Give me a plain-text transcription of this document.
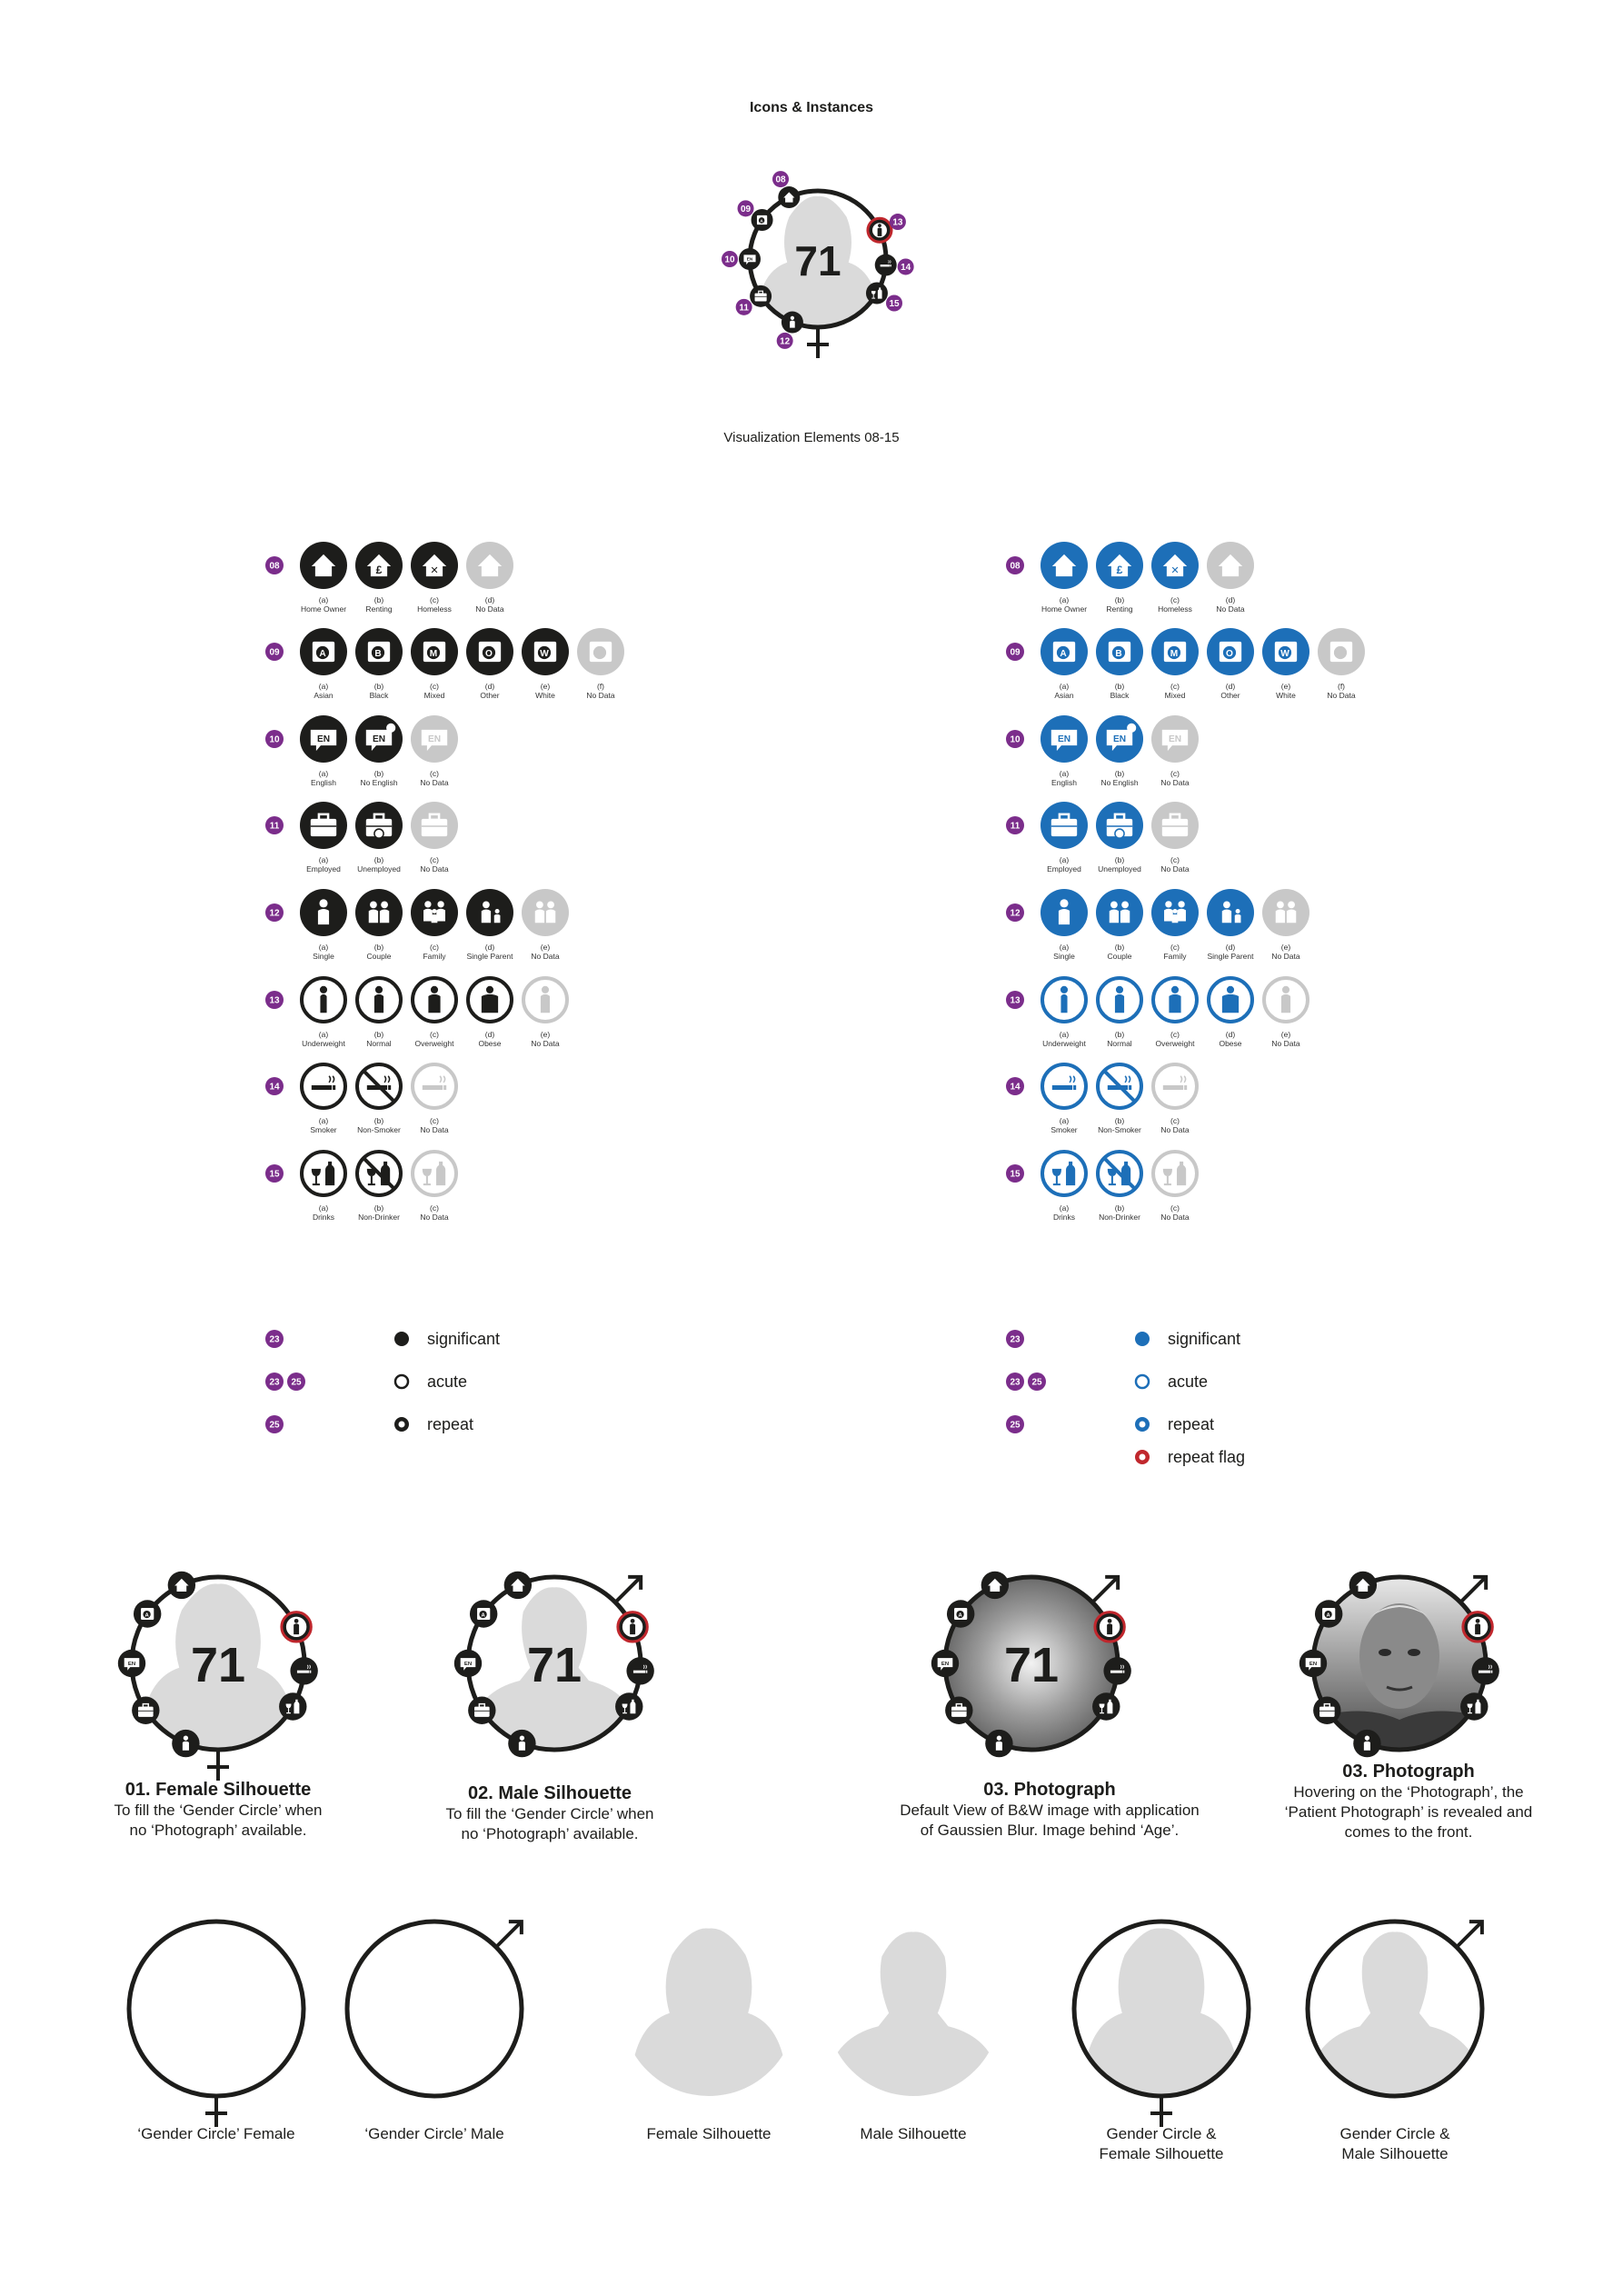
Icons & Instances
08
A
09
EN
10
11
12
13
14
15
71
Visualization Elements 08-15
08
(a)
Home Owner
£
(b)
Renting
✕
(c)
Homeless
(d)
No Data
09	A
(a)
Asian
B
(b)
Black
M
(c)
Mixed
O
(d)
Other
W
(e)
White
(f)
No Data
10	EN
(a)
English
EN
(b)
No English
EN
(c)
No Data
11
(a)
Employed
(b)
Unemployed
(c)
No Data
12
(a)
Single
(b)
Couple
(c)
Family
(d)
Single Parent
(e)
No Data
13
(a)
Underweight
(b)
Normal
(c)
Overweight
(d)
Obese
(e)
No Data
14
(a)
Smoker
(b)
Non-Smoker
(c)
No Data
15
(a)
Drinks
(b)
Non-Drinker
(c)
No Data
08
(a)
Home Owner
£
(b)
Renting
✕
(c)
Homeless
(d)
No Data
09	A
(a)
Asian
B
(b)
Black
M
(c)
Mixed
O
(d)
Other
W
(e)
White
(f)
No Data
10	EN
(a)
English
EN
(b)
No English
EN
(c)
No Data
11
(a)
Employed
(b)
Unemployed
(c)
No Data
12
(a)
Single
(b)
Couple
(c)
Family
(d)
Single Parent
(e)
No Data
13
(a)
Underweight
(b)
Normal
(c)
Overweight
(d)
Obese
(e)
No Data
14
(a)
Smoker
(b)
Non-Smoker
(c)
No Data
15
(a)
Drinks
(b)
Non-Drinker
(c)
No Data
23	significant
23 25	acute
25	repeat
23	significant
23 25	acute
25	repeat
repeat flag
A
EN 71
A
EN 71
A
EN 71
A
EN
01. Female Silhouette
To fill the ‘Gender Circle’ when
no ‘Photograph’ available.
02. Male Silhouette
To fill the ‘Gender Circle’ when
no ‘Photograph’ available.
03. Photograph
Default View of B&W image with application
of Gaussien Blur. Image behind ‘Age’.
03. Photograph
Hovering on the ‘Photograph’, the
‘Patient Photograph’ is revealed and
comes to the front.
‘Gender Circle’ Female	‘Gender Circle’ Male	Female Silhouette	Male Silhouette	Gender Circle &
Female Silhouette
Gender Circle &
Male Silhouette
